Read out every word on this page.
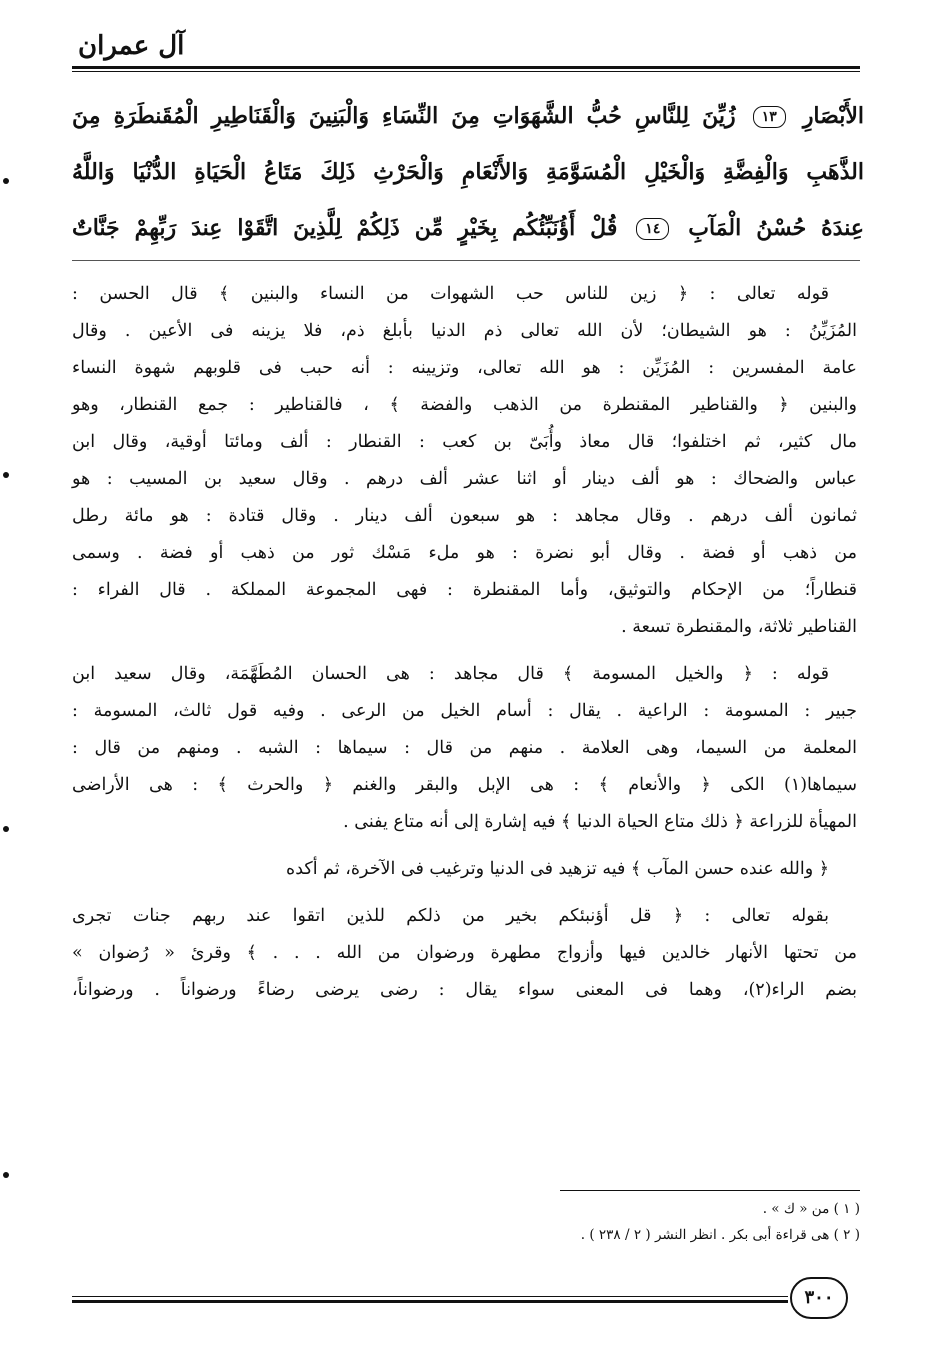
آل عمران
الأَبْصَارِ ١٣ زُيِّنَ لِلنَّاسِ حُبُّ الشَّهَوَاتِ مِنَ النِّسَاءِ وَالْبَنِينَ وَالْقَنَاطِيرِ الْمُقَنطَرَةِ مِنَ
الذَّهَبِ وَالْفِضَّةِ وَالْخَيْلِ الْمُسَوَّمَةِ وَالأَنْعَامِ وَالْحَرْثِ ذَلِكَ مَتَاعُ الْحَيَاةِ الدُّنْيَا وَاللَّهُ
عِندَهُ حُسْنُ الْمَآبِ ١٤ قُلْ أَؤُنَبِّئُكُم بِخَيْرٍ مِّن ذَلِكُمْ لِلَّذِينَ اتَّقَوْا عِندَ رَبِّهِمْ جَنَّاتٌ
قوله تعالى : ﴿ زين للناس حب الشهوات من النساء والبنين ﴾ قال الحسن :
المُزَيِّنُ : هو الشيطان؛ لأن الله تعالى ذم الدنيا بأبلغ ذم، فلا يزينه فى الأعين . وقال
عامة المفسرين : المُزَيِّن : هو الله تعالى، وتزيينه : أنه حبب فى قلوبهم شهوة النساء
والبنين ﴿ والقناطير المقنطرة من الذهب والفضة ﴾ ، فالقناطير : جمع القنطار، وهو
مال كثير، ثم اختلفوا؛ قال معاذ وأُبَىّ بن كعب : القنطار : ألف ومائتا أوقية، وقال ابن
عباس والضحاك : هو ألف دينار أو اثنا عشر ألف درهم . وقال سعيد بن المسيب : هو
ثمانون ألف درهم . وقال مجاهد : هو سبعون ألف دينار . وقال قتادة : هو مائة رطل
من ذهب أو فضة . وقال أبو نضرة : هو ملء مَسْك ثور من ذهب أو فضة . وسمى
قنطاراً؛ من الإحكام والتوثيق، وأما المقنطرة : فهى المجموعة المملكة . قال الفراء :
القناطير ثلاثة، والمقنطرة تسعة .
قوله : ﴿ والخيل المسومة ﴾ قال مجاهد : هى الحسان المُطَهَّمَة، وقال سعيد ابن
جبير : المسومة : الراعية . يقال : أسام الخيل من الرعى . وفيه قول ثالث، المسومة :
المعلمة من السيما، وهى العلامة . منهم من قال : سيماها : الشبه . ومنهم من قال :
سيماها(١) الكى ﴿ والأنعام ﴾ : هى الإبل والبقر والغنم ﴿ والحرث ﴾ : هى الأراضى
المهيأة للزراعة ﴿ ذلك متاع الحياة الدنيا ﴾ فيه إشارة إلى أنه متاع يفنى .
﴿ والله عنده حسن المآب ﴾ فيه تزهيد فى الدنيا وترغيب فى الآخرة، ثم أكده
بقوله تعالى : ﴿ قل أؤنبئكم بخير من ذلكم للذين اتقوا عند ربهم جنات تجرى
من تحتها الأنهار خالدين فيها وأزواج مطهرة ورضوان من الله . . . ﴾ وقرئ « رُضوان »
بضم الراء(٢)، وهما فى المعنى سواء يقال : رضى يرضى رضاءً ورضواناً . ورضواناً،
( ١ ) من « ك » .
( ٢ ) هى قراءة أبى بكر . انظر النشر ( ٢ / ٢٣٨ ) .
٣٠٠
